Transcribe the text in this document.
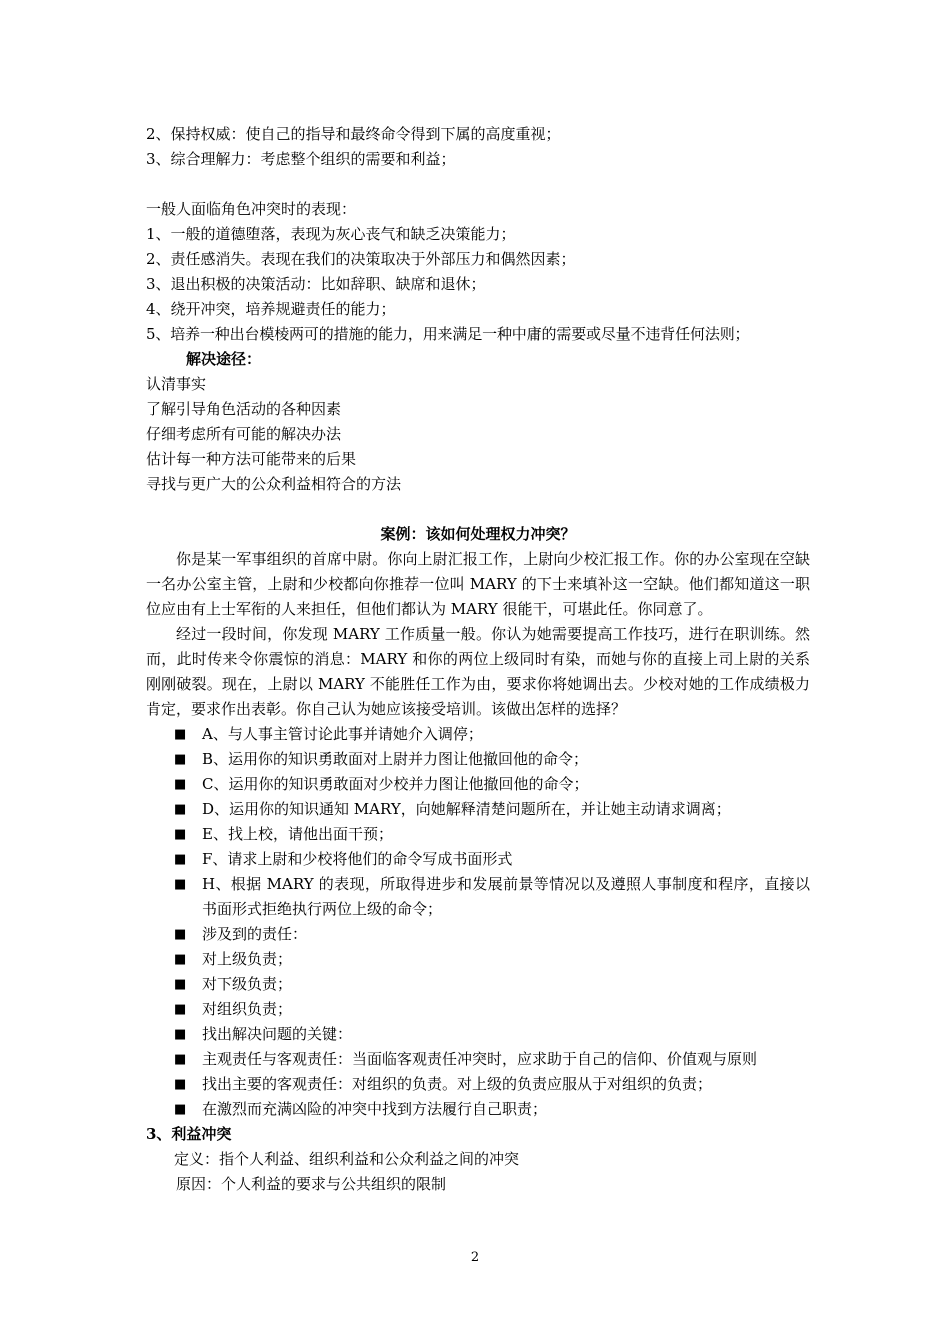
2、保持权威：使自己的指导和最终命令得到下属的高度重视；

3、综合理解力：考虑整个组织的需要和利益；

一般人面临角色冲突时的表现：

1、一般的道德堕落，表现为灰心丧气和缺乏决策能力；

2、责任感消失。表现在我们的决策取决于外部压力和偶然因素；

3、退出积极的决策活动：比如辞职、缺席和退休；

4、绕开冲突，培养规避责任的能力；

5、培养一种出台模棱两可的措施的能力，用来满足一种中庸的需要或尽量不违背任何法则；

解决途径：

认清事实

了解引导角色活动的各种因素

仔细考虑所有可能的解决办法

估计每一种方法可能带来的后果

寻找与更广大的公众利益相符合的方法

案例：该如何处理权力冲突？

你是某一军事组织的首席中尉。你向上尉汇报工作，上尉向少校汇报工作。你的办公室现在空缺一名办公室主管，上尉和少校都向你推荐一位叫 MARY 的下士来填补这一空缺。他们都知道这一职位应由有上士军衔的人来担任，但他们都认为 MARY 很能干，可堪此任。你同意了。

经过一段时间，你发现 MARY 工作质量一般。你认为她需要提高工作技巧，进行在职训练。然而，此时传来令你震惊的消息：MARY 和你的两位上级同时有染，而她与你的直接上司上尉的关系刚刚破裂。现在，上尉以 MARY 不能胜任工作为由，要求你将她调出去。少校对她的工作成绩极力肯定，要求作出表彰。你自己认为她应该接受培训。该做出怎样的选择？

■ A、与人事主管讨论此事并请她介入调停；
■ B、运用你的知识勇敢面对上尉并力图让他撤回他的命令；
■ C、运用你的知识勇敢面对少校并力图让他撤回他的命令；
■ D、运用你的知识通知 MARY，向她解释清楚问题所在，并让她主动请求调离；
■ E、找上校，请他出面干预；
■ F、请求上尉和少校将他们的命令写成书面形式
■ H、根据 MARY 的表现，所取得进步和发展前景等情况以及遵照人事制度和程序，直接以书面形式拒绝执行两位上级的命令；
■ 涉及到的责任：
■ 对上级负责；
■ 对下级负责；
■ 对组织负责；
■ 找出解决问题的关键：
■ 主观责任与客观责任：当面临客观责任冲突时，应求助于自己的信仰、价值观与原则
■ 找出主要的客观责任：对组织的负责。对上级的负责应服从于对组织的负责；
■ 在激烈而充满凶险的冲突中找到方法履行自己职责；

3、利益冲突

定义：指个人利益、组织利益和公众利益之间的冲突

原因：个人利益的要求与公共组织的限制

2
